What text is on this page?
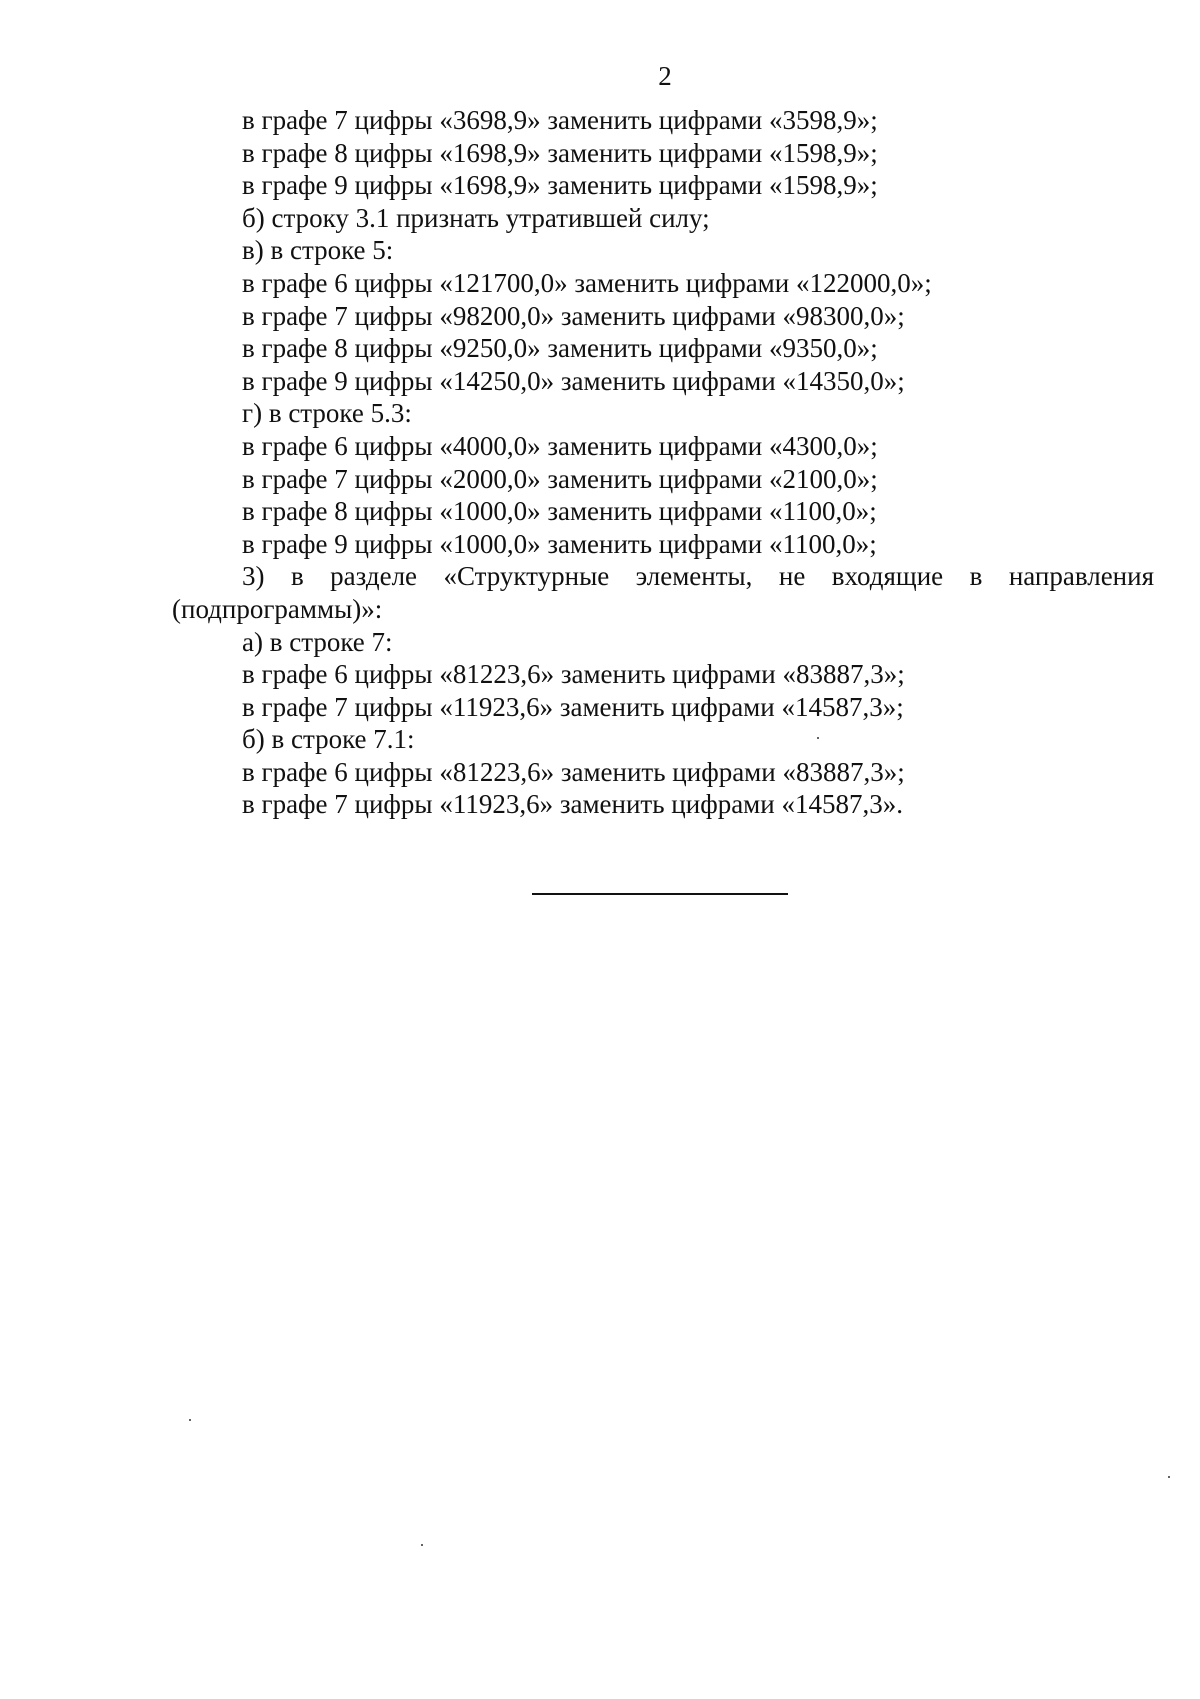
2
в графе 7 цифры «3698,9» заменить цифрами «3598,9»;
в графе 8 цифры «1698,9» заменить цифрами «1598,9»;
в графе 9 цифры «1698,9» заменить цифрами «1598,9»;
б) строку 3.1 признать утратившей силу;
в) в строке 5:
в графе 6 цифры «121700,0» заменить цифрами «122000,0»;
в графе 7 цифры «98200,0» заменить цифрами «98300,0»;
в графе 8 цифры «9250,0» заменить цифрами «9350,0»;
в графе 9 цифры «14250,0» заменить цифрами «14350,0»;
г) в строке 5.3:
в графе 6 цифры «4000,0» заменить цифрами «4300,0»;
в графе 7 цифры «2000,0» заменить цифрами «2100,0»;
в графе 8 цифры «1000,0» заменить цифрами «1100,0»;
в графе 9 цифры «1000,0» заменить цифрами «1100,0»;
3) в разделе «Структурные элементы, не входящие в направления
(подпрограммы)»:
а) в строке 7:
в графе 6 цифры «81223,6» заменить цифрами «83887,3»;
в графе 7 цифры «11923,6» заменить цифрами «14587,3»;
б) в строке 7.1:
в графе 6 цифры «81223,6» заменить цифрами «83887,3»;
в графе 7 цифры «11923,6» заменить цифрами «14587,3».
